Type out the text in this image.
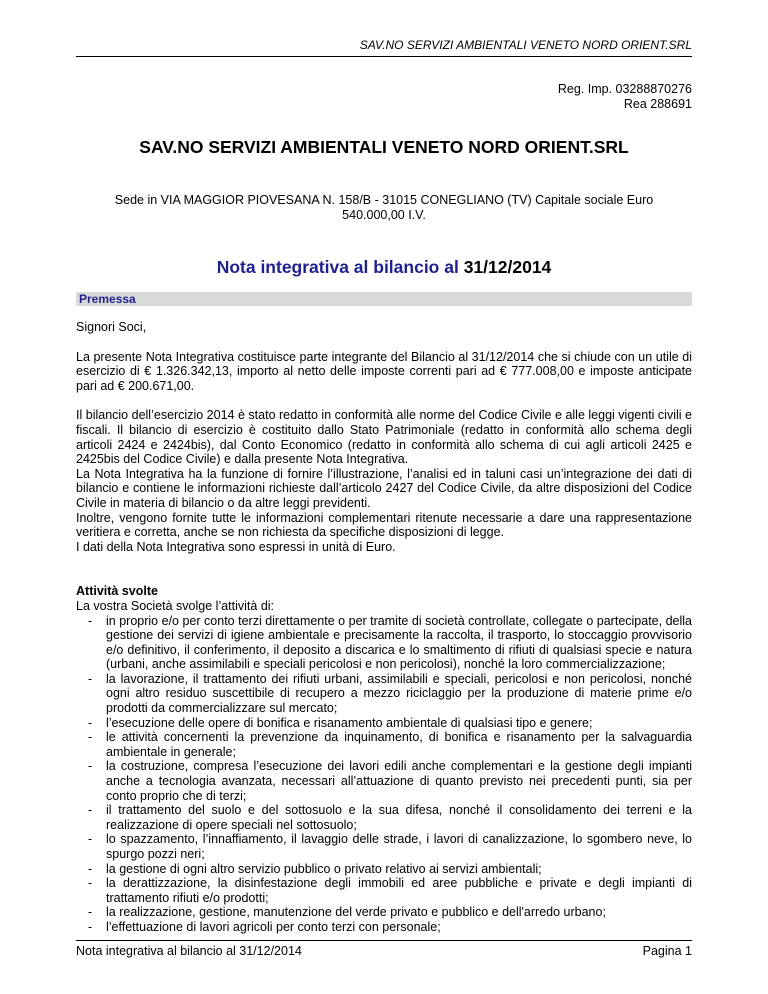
SAV.NO SERVIZI AMBIENTALI VENETO NORD ORIENT.SRL
Reg. Imp. 03288870276
Rea 288691
SAV.NO SERVIZI AMBIENTALI VENETO NORD ORIENT.SRL
Sede in VIA MAGGIOR PIOVESANA N. 158/B - 31015 CONEGLIANO (TV) Capitale sociale Euro 540.000,00 I.V.
Nota integrativa al bilancio al 31/12/2014
Premessa

Signori Soci,

La presente Nota Integrativa costituisce parte integrante del Bilancio al 31/12/2014 che si chiude con un utile di esercizio di € 1.326.342,13, importo al netto delle imposte correnti pari ad € 777.008,00 e imposte anticipate pari ad € 200.671,00.

Il bilancio dell’esercizio 2014 è stato redatto in conformità alle norme del Codice Civile e alle leggi vigenti civili e fiscali. Il bilancio di esercizio è costituito dallo Stato Patrimoniale (redatto in conformità allo schema degli articoli 2424 e 2424bis), dal Conto Economico (redatto in conformità allo schema di cui agli articoli 2425 e 2425bis del Codice Civile) e dalla presente Nota Integrativa.

La Nota Integrativa ha la funzione di fornire l’illustrazione, l’analisi ed in taluni casi un’integrazione dei dati di bilancio e contiene le informazioni richieste dall’articolo 2427 del Codice Civile, da altre disposizioni del Codice Civile in materia di bilancio o da altre leggi previdenti.

Inoltre, vengono fornite tutte le informazioni complementari ritenute necessarie a dare una rappresentazione veritiera e corretta, anche se non richiesta da specifiche disposizioni di legge.

I dati della Nota Integrativa sono espressi in unità di Euro.

Attività svolte

La vostra Società svolge l’attività di:

- in proprio e/o per conto terzi direttamente o per tramite di società controllate, collegate o partecipate, della gestione dei servizi di igiene ambientale e precisamente la raccolta, il trasporto, lo stoccaggio provvisorio e/o definitivo, il conferimento, il deposito a discarica e lo smaltimento di rifiuti di qualsiasi specie e natura (urbani, anche assimilabili e speciali pericolosi e non pericolosi), nonché la loro commercializzazione;
- la lavorazione, il trattamento dei rifiuti urbani, assimilabili e speciali, pericolosi e non pericolosi, nonché ogni altro residuo suscettibile di recupero a mezzo riciclaggio per la produzione di materie prime e/o prodotti da commercializzare sul mercato;
- l’esecuzione delle opere di bonifica e risanamento ambientale di qualsiasi tipo e genere;
- le attività concernenti la prevenzione da inquinamento, di bonifica e risanamento per la salvaguardia ambientale in generale;
- la costruzione, compresa l’esecuzione dei lavori edili anche complementari e la gestione degli impianti anche a tecnologia avanzata, necessari all’attuazione di quanto previsto nei precedenti punti, sia per conto proprio che di terzi;
- il trattamento del suolo e del sottosuolo e la sua difesa, nonché il consolidamento dei terreni e la realizzazione di opere speciali nel sottosuolo;
- lo spazzamento, l’innaffiamento, il lavaggio delle strade, i lavori di canalizzazione, lo sgombero neve, lo spurgo pozzi neri;
- la gestione di ogni altro servizio pubblico o privato relativo ai servizi ambientali;
- la derattizzazione, la disinfestazione degli immobili ed aree pubbliche e private e degli impianti di trattamento rifiuti e/o prodotti;
- la realizzazione, gestione, manutenzione del verde privato e pubblico e dell'arredo urbano;
- l’effettuazione di lavori agricoli per conto terzi con personale;
Nota integrativa al bilancio al 31/12/2014	Pagina 1
